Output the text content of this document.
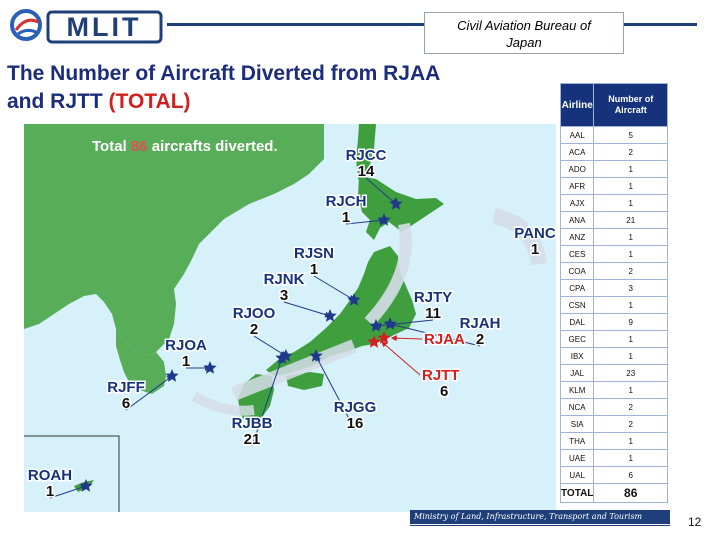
MLIT	Civil Aviation Bureau of
Japan
The Number of Aircraft Diverted from RJAA
and RJTT (TOTAL)
Total 86 aircrafts diverted.
RJCC
14
RJCH
1
PANC
1
RJSN
1
RJNK
3
RJOO
2
RJTY
11
RJAH
2
RJOA
1
RJFF
6	RJGG
16
RJBB
21
ROAH
1
RJAA
RJTT
6
Airline	Number of Aircraft
AAL	5
ACA	2
ADO	1
AFR	1
AJX	1
ANA	21
ANZ	1
CES	1
COA	2
CPA	3
CSN	1
DAL	9
GEC	1
IBX	1
JAL	23
KLM	1
NCA	2
SIA	2
THA	1
UAE	1
UAL	6
TOTAL	86
Ministry of Land, Infrastructure, Transport and Tourism	12
